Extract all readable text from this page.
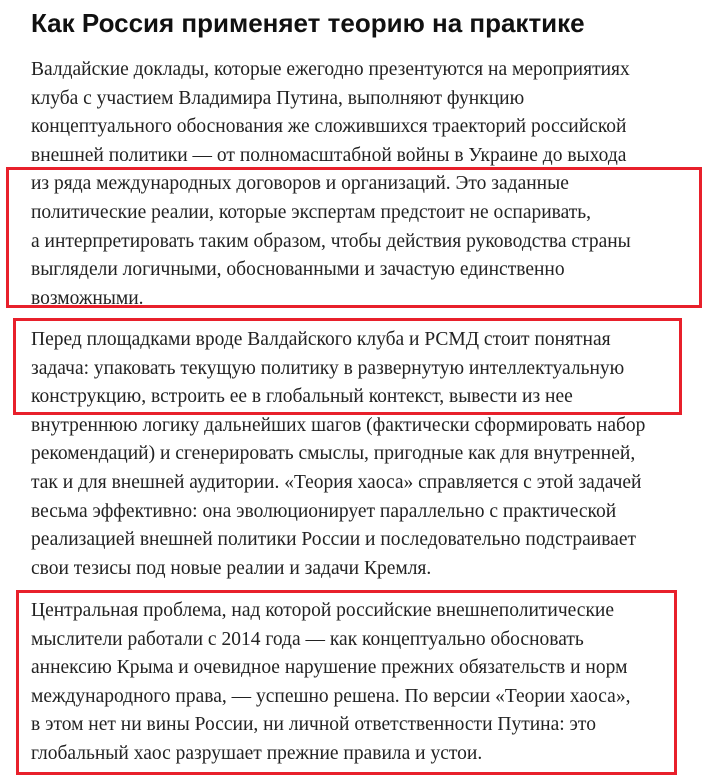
Как Россия применяет теорию на практике

Валдайские доклады, которые ежегодно презентуются на мероприятиях
клуба с участием Владимира Путина, выполняют функцию
концептуального обоснования же сложившихся траекторий российской
внешней политики — от полномасштабной войны в Украине до выхода
из ряда международных договоров и организаций. Это заданные
политические реалии, которые экспертам предстоит не оспаривать,
а интерпретировать таким образом, чтобы действия руководства страны
выглядели логичными, обоснованными и зачастую единственно
возможными.

Перед площадками вроде Валдайского клуба и РСМД стоит понятная
задача: упаковать текущую политику в развернутую интеллектуальную
конструкцию, встроить ее в глобальный контекст, вывести из нее
внутреннюю логику дальнейших шагов (фактически сформировать набор
рекомендаций) и сгенерировать смыслы, пригодные как для внутренней,
так и для внешней аудитории. «Теория хаоса» справляется с этой задачей
весьма эффективно: она эволюционирует параллельно с практической
реализацией внешней политики России и последовательно подстраивает
свои тезисы под новые реалии и задачи Кремля.

Центральная проблема, над которой российские внешнеполитические
мыслители работали с 2014 года — как концептуально обосновать
аннексию Крыма и очевидное нарушение прежних обязательств и норм
международного права, — успешно решена. По версии «Теории хаоса»,
в этом нет ни вины России, ни личной ответственности Путина: это
глобальный хаос разрушает прежние правила и устои.
